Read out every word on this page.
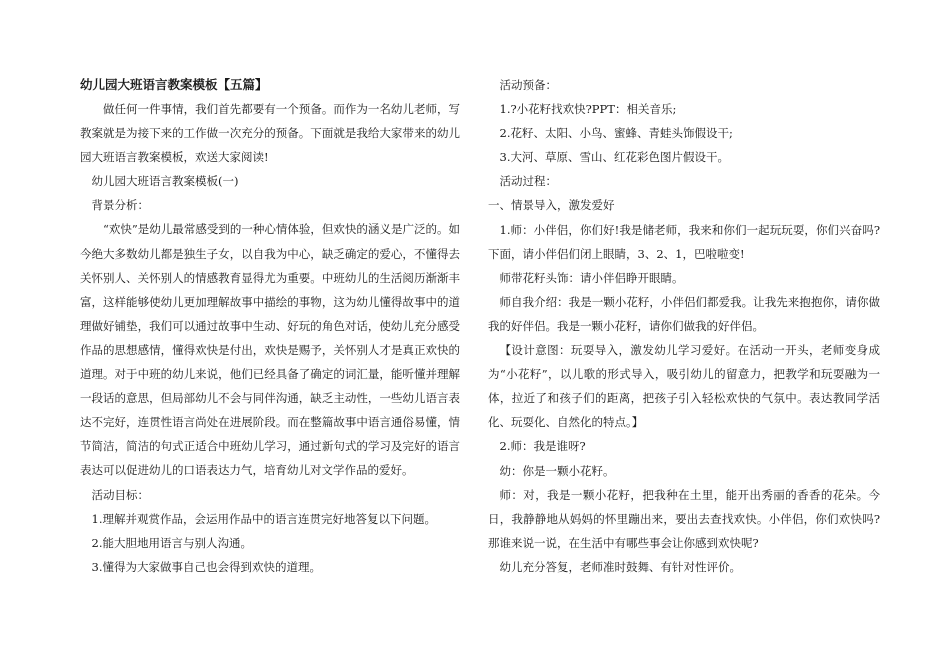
幼儿园大班语言教案模板【五篇】

做任何一件事情，我们首先都要有一个预备。而作为一名幼儿老师，写教案就是为接下来的工作做一次充分的预备。下面就是我给大家带来的幼儿园大班语言教案模板，欢送大家阅读!

幼儿园大班语言教案模板(一)

背景分析：

“欢快”是幼儿最常感受到的一种心情体验，但欢快的涵义是广泛的。如今绝大多数幼儿都是独生子女，以自我为中心，缺乏确定的爱心，不懂得去关怀别人、关怀别人的情感教育显得尤为重要。中班幼儿的生活阅历渐渐丰富，这样能够使幼儿更加理解故事中描绘的事物，这为幼儿懂得故事中的道理做好铺垫，我们可以通过故事中生动、好玩的角色对话，使幼儿充分感受作品的思想感情，懂得欢快是付出，欢快是赐予，关怀别人才是真正欢快的道理。对于中班的幼儿来说，他们已经具备了确定的词汇量，能听懂并理解一段话的意思，但局部幼儿不会与同伴沟通，缺乏主动性，一些幼儿语言表达不完好，连贯性语言尚处在进展阶段。而在整篇故事中语言通俗易懂，情节简洁，简洁的句式正适合中班幼儿学习，通过新句式的学习及完好的语言表达可以促进幼儿的口语表达力气，培育幼儿对文学作品的爱好。

活动目标：

1.理解并观赏作品，会运用作品中的语言连贯完好地答复以下问题。

2.能大胆地用语言与别人沟通。

3.懂得为大家做事自己也会得到欢快的道理。

活动预备：

1.?小花籽找欢快?PPT：相关音乐;

2.花籽、太阳、小鸟、蜜蜂、青蛙头饰假设干;

3.大河、草原、雪山、红花彩色图片假设干。

活动过程：

一、情景导入，激发爱好

1.师：小伴侣，你们好!我是储老师，我来和你们一起玩玩耍，你们兴奋吗?下面，请小伴侣们闭上眼睛，3、2、1，巴啦啦变!

师带花籽头饰：请小伴侣睁开眼睛。

师自我介绍：我是一颗小花籽，小伴侣们都爱我。让我先来抱抱你，请你做我的好伴侣。我是一颗小花籽，请你们做我的好伴侣。

【设计意图：玩耍导入，激发幼儿学习爱好。在活动一开头，老师变身成为“小花籽”，以儿歌的形式导入，吸引幼儿的留意力，把教学和玩耍融为一体，拉近了和孩子们的距离，把孩子引入轻松欢快的气氛中。表达教同学活化、玩耍化、自然化的特点。】

2.师：我是谁呀?

幼：你是一颗小花籽。

师：对，我是一颗小花籽，把我种在土里，能开出秀丽的香香的花朵。今日，我静静地从妈妈的怀里蹦出来，要出去查找欢快。小伴侣，你们欢快吗?那谁来说一说，在生活中有哪些事会让你感到欢快呢?

幼儿充分答复，老师准时鼓舞、有针对性评价。
